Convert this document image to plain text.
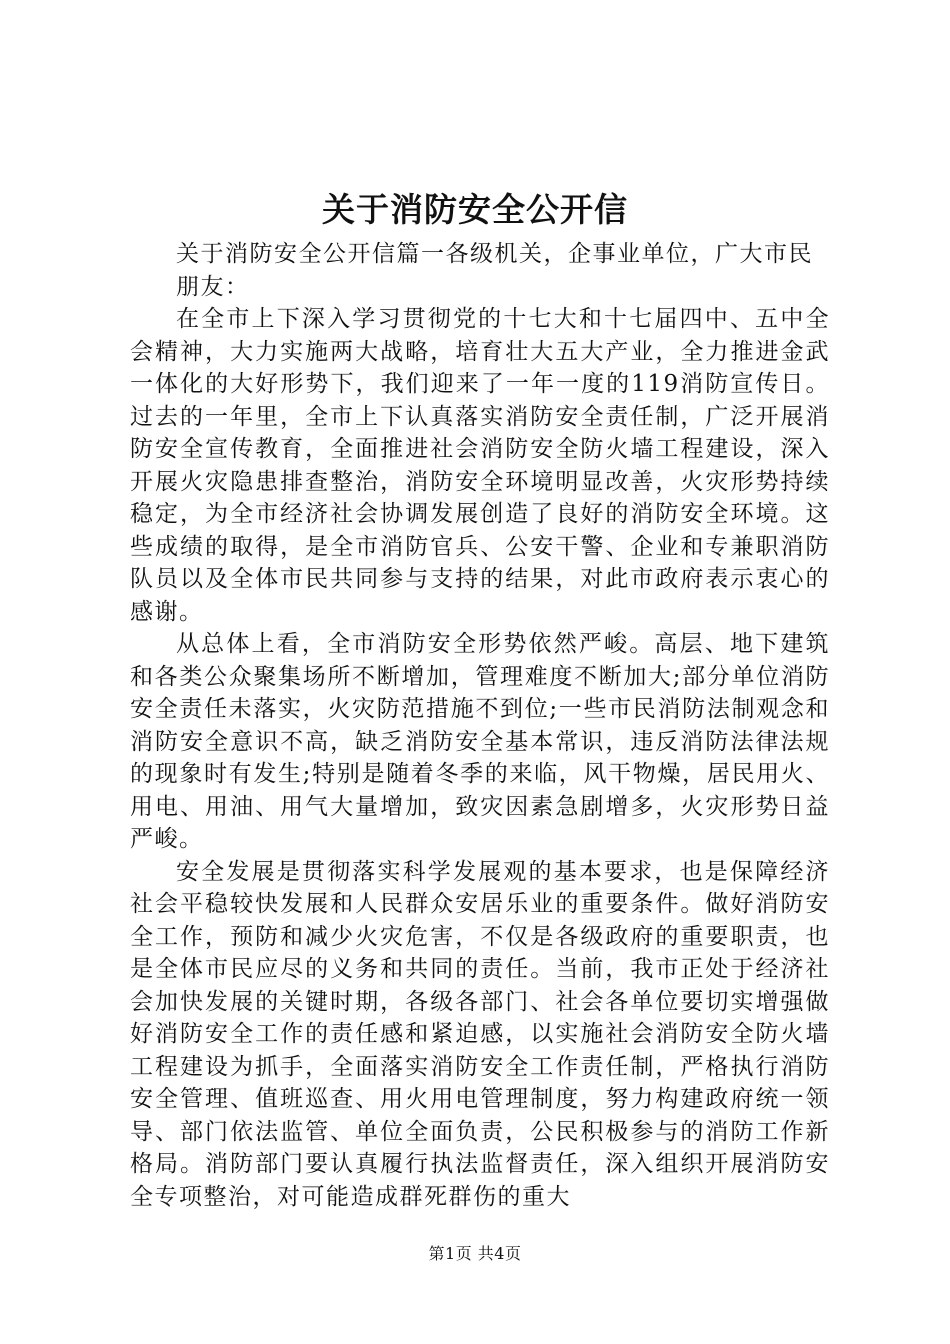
关于消防安全公开信

关于消防安全公开信篇一各级机关，企事业单位，广大市民

朋友：

在全市上下深入学习贯彻党的十七大和十七届四中、五中全会精神，大力实施两大战略，培育壮大五大产业，全力推进金武一体化的大好形势下，我们迎来了一年一度的119消防宣传日。过去的一年里，全市上下认真落实消防安全责任制，广泛开展消防安全宣传教育，全面推进社会消防安全防火墙工程建设，深入开展火灾隐患排查整治，消防安全环境明显改善，火灾形势持续稳定，为全市经济社会协调发展创造了良好的消防安全环境。这些成绩的取得，是全市消防官兵、公安干警、企业和专兼职消防队员以及全体市民共同参与支持的结果，对此市政府表示衷心的感谢。

从总体上看，全市消防安全形势依然严峻。高层、地下建筑和各类公众聚集场所不断增加，管理难度不断加大;部分单位消防安全责任未落实，火灾防范措施不到位;一些市民消防法制观念和消防安全意识不高，缺乏消防安全基本常识，违反消防法律法规的现象时有发生;特别是随着冬季的来临，风干物燥，居民用火、用电、用油、用气大量增加，致灾因素急剧增多，火灾形势日益严峻。

安全发展是贯彻落实科学发展观的基本要求，也是保障经济社会平稳较快发展和人民群众安居乐业的重要条件。做好消防安全工作，预防和减少火灾危害，不仅是各级政府的重要职责，也是全体市民应尽的义务和共同的责任。当前，我市正处于经济社会加快发展的关键时期，各级各部门、社会各单位要切实增强做好消防安全工作的责任感和紧迫感，以实施社会消防安全防火墙工程建设为抓手，全面落实消防安全工作责任制，严格执行消防安全管理、值班巡查、用火用电管理制度，努力构建政府统一领导、部门依法监管、单位全面负责，公民积极参与的消防工作新格局。消防部门要认真履行执法监督责任，深入组织开展消防安全专项整治，对可能造成群死群伤的重大

第1页 共4页
